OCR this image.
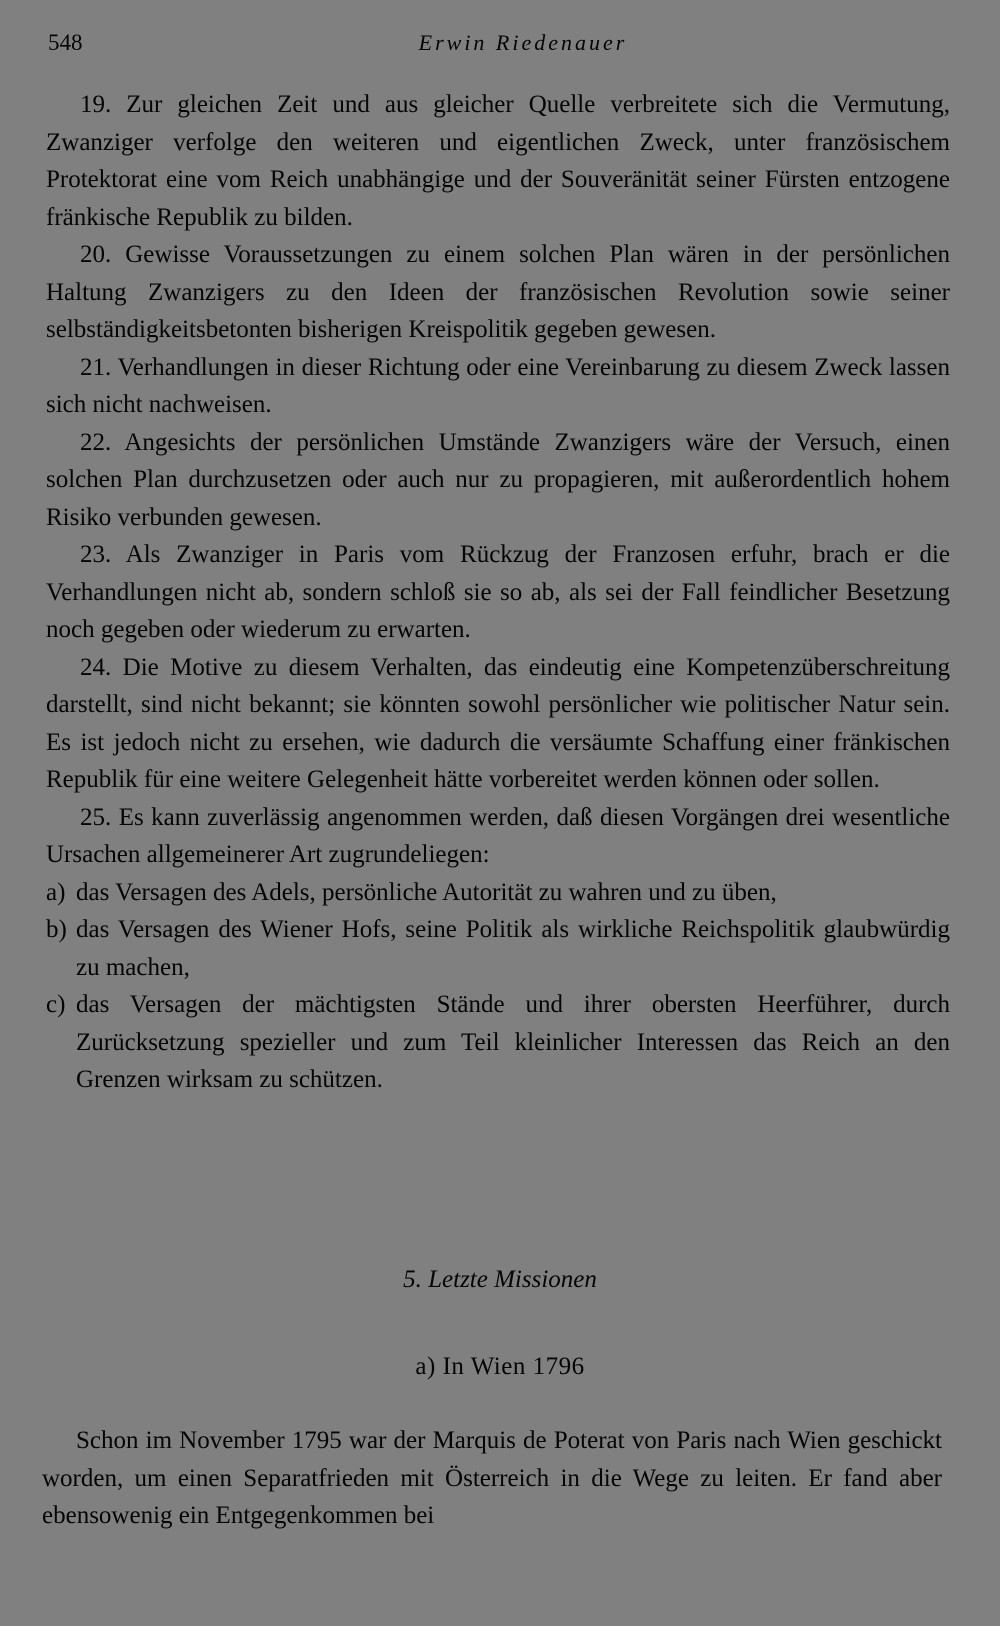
548	Erwin Riedenauer

19. Zur gleichen Zeit und aus gleicher Quelle verbreitete sich die Vermutung, Zwanziger verfolge den weiteren und eigentlichen Zweck, unter französischem Protektorat eine vom Reich unabhängige und der Souveränität seiner Fürsten entzogene fränkische Republik zu bilden.

20. Gewisse Voraussetzungen zu einem solchen Plan wären in der persönlichen Haltung Zwanzigers zu den Ideen der französischen Revolution sowie seiner selbständigkeitsbetonten bisherigen Kreispolitik gegeben gewesen.

21. Verhandlungen in dieser Richtung oder eine Vereinbarung zu diesem Zweck lassen sich nicht nachweisen.

22. Angesichts der persönlichen Umstände Zwanzigers wäre der Versuch, einen solchen Plan durchzusetzen oder auch nur zu propagieren, mit außerordentlich hohem Risiko verbunden gewesen.

23. Als Zwanziger in Paris vom Rückzug der Franzosen erfuhr, brach er die Verhandlungen nicht ab, sondern schloß sie so ab, als sei der Fall feindlicher Besetzung noch gegeben oder wiederum zu erwarten.

24. Die Motive zu diesem Verhalten, das eindeutig eine Kompetenzüberschreitung darstellt, sind nicht bekannt; sie könnten sowohl persönlicher wie politischer Natur sein. Es ist jedoch nicht zu ersehen, wie dadurch die versäumte Schaffung einer fränkischen Republik für eine weitere Gelegenheit hätte vorbereitet werden können oder sollen.

25. Es kann zuverlässig angenommen werden, daß diesen Vorgängen drei wesentliche Ursachen allgemeinerer Art zugrundeliegen:

a) das Versagen des Adels, persönliche Autorität zu wahren und zu üben,

b) das Versagen des Wiener Hofs, seine Politik als wirkliche Reichspolitik glaubwürdig zu machen,

c) das Versagen der mächtigsten Stände und ihrer obersten Heerführer, durch Zurücksetzung spezieller und zum Teil kleinlicher Interessen das Reich an den Grenzen wirksam zu schützen.

5. Letzte Missionen
a) In Wien 1796

Schon im November 1795 war der Marquis de Poterat von Paris nach Wien geschickt worden, um einen Separatfrieden mit Österreich in die Wege zu leiten. Er fand aber ebensowenig ein Entgegenkommen bei
